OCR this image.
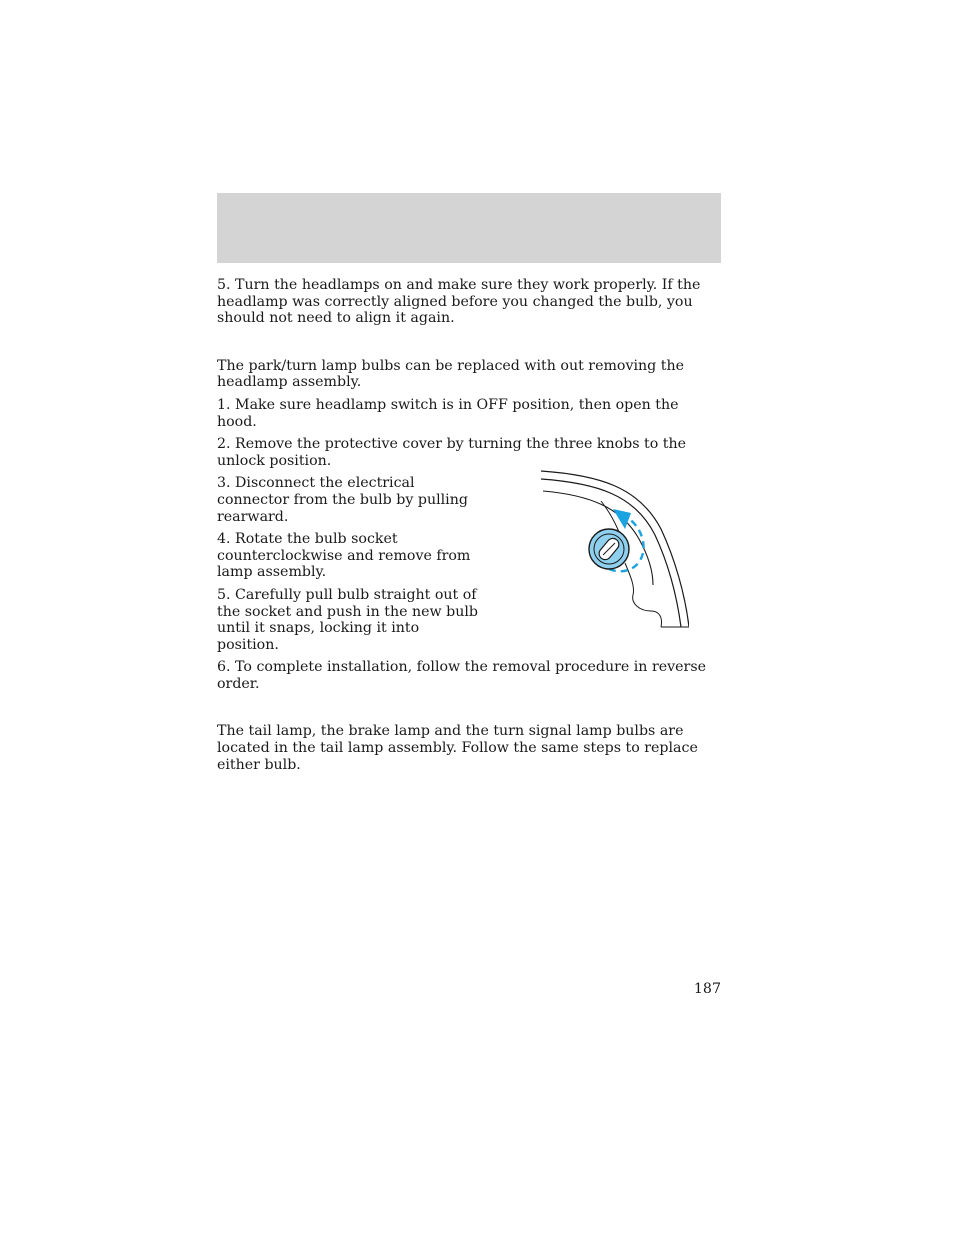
5. Turn the headlamps on and make sure they work properly. If the headlamp was correctly aligned before you changed the bulb, you should not need to align it again.

The park/turn lamp bulbs can be replaced with out removing the headlamp assembly.

1. Make sure headlamp switch is in OFF position, then open the hood.

2. Remove the protective cover by turning the three knobs to the unlock position.

3. Disconnect the electrical connector from the bulb by pulling rearward.

4. Rotate the bulb socket counterclockwise and remove from lamp assembly.

5. Carefully pull bulb straight out of the socket and push in the new bulb until it snaps, locking it into position.

6. To complete installation, follow the removal procedure in reverse order.

The tail lamp, the brake lamp and the turn signal lamp bulbs are located in the tail lamp assembly. Follow the same steps to replace either bulb.

187
